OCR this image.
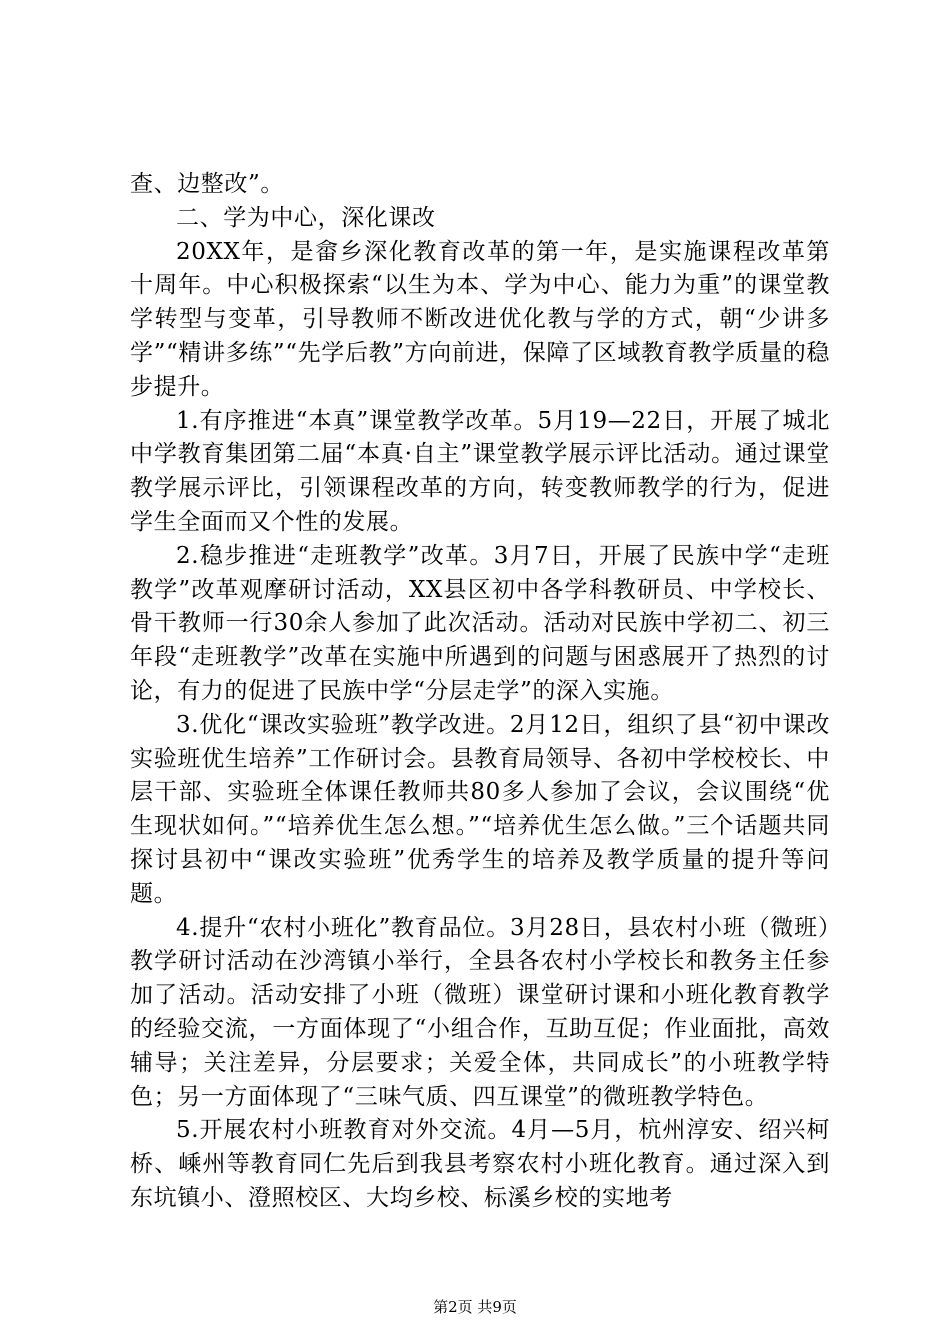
查、边整改”。

二、学为中心，深化课改

20XX年，是畲乡深化教育改革的第一年，是实施课程改革第十周年。中心积极探索“以生为本、学为中心、能力为重”的课堂教学转型与变革，引导教师不断改进优化教与学的方式，朝“少讲多学”“精讲多练”“先学后教”方向前进，保障了区域教育教学质量的稳步提升。

1.有序推进“本真”课堂教学改革。5月19—22日，开展了城北中学教育集团第二届“本真·自主”课堂教学展示评比活动。通过课堂教学展示评比，引领课程改革的方向，转变教师教学的行为，促进学生全面而又个性的发展。

2.稳步推进“走班教学”改革。3月7日，开展了民族中学“走班教学”改革观摩研讨活动，XX县区初中各学科教研员、中学校长、骨干教师一行30余人参加了此次活动。活动对民族中学初二、初三年段“走班教学”改革在实施中所遇到的问题与困惑展开了热烈的讨论，有力的促进了民族中学“分层走学”的深入实施。

3.优化“课改实验班”教学改进。2月12日，组织了县“初中课改实验班优生培养”工作研讨会。县教育局领导、各初中学校校长、中层干部、实验班全体课任教师共80多人参加了会议，会议围绕“优生现状如何。”“培养优生怎么想。”“培养优生怎么做。”三个话题共同探讨县初中“课改实验班”优秀学生的培养及教学质量的提升等问题。

4.提升“农村小班化”教育品位。3月28日，县农村小班（微班）教学研讨活动在沙湾镇小举行，全县各农村小学校长和教务主任参加了活动。活动安排了小班（微班）课堂研讨课和小班化教育教学的经验交流，一方面体现了“小组合作，互助互促；作业面批，高效辅导；关注差异，分层要求；关爱全体，共同成长”的小班教学特色；另一方面体现了“三味气质、四互课堂”的微班教学特色。

5.开展农村小班教育对外交流。4月—5月，杭州淳安、绍兴柯桥、嵊州等教育同仁先后到我县考察农村小班化教育。通过深入到东坑镇小、澄照校区、大均乡校、标溪乡校的实地考

第2页 共9页
